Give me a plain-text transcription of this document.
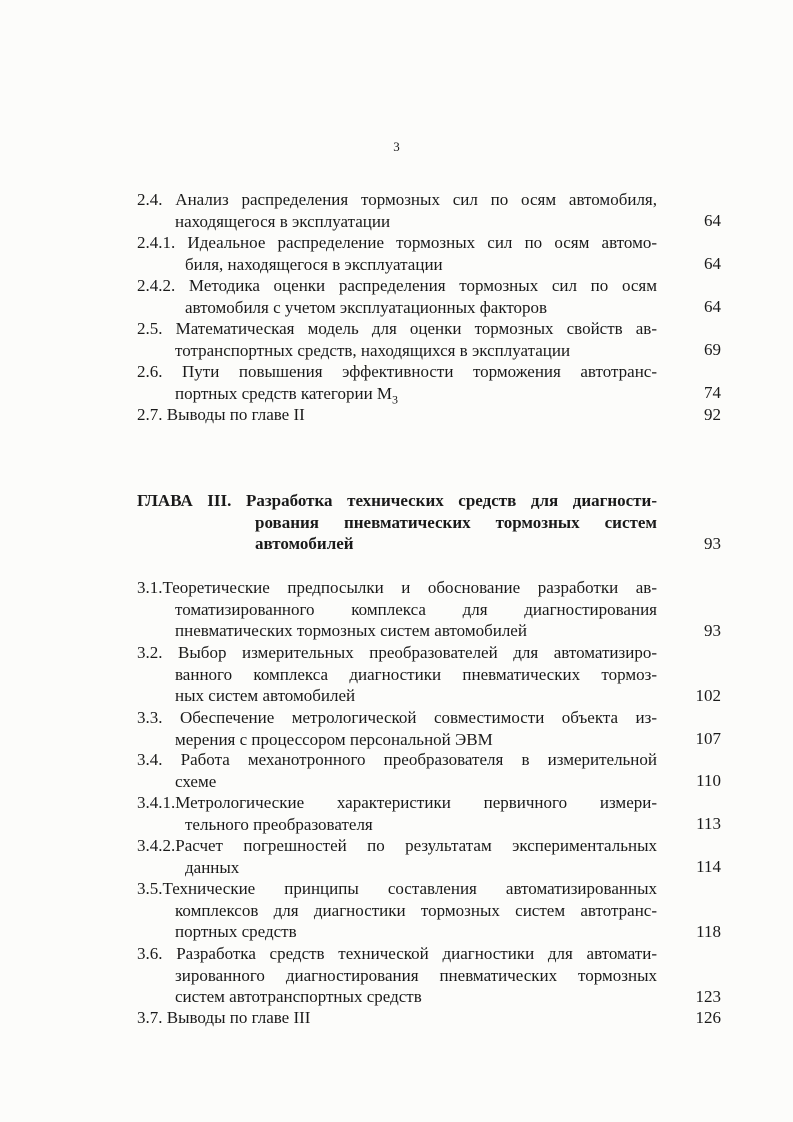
3
2.4. Анализ распределения тормозных сил по осям автомобиля,
находящегося в эксплуатации	64
2.4.1. Идеальное распределение тормозных сил по осям автомо-
биля, находящегося в эксплуатации	64
2.4.2. Методика оценки распределения тормозных сил по осям
автомобиля с учетом эксплуатационных факторов	64
2.5. Математическая модель для оценки тормозных свойств ав-
тотранспортных средств, находящихся в эксплуатации	69
2.6. Пути повышения эффективности торможения автотранс-
портных средств категории $М_3$	74
2.7. Выводы по главе II	92
ГЛАВА III. Разработка технических средств для диагности-
рования пневматических тормозных систем
автомобилей	93
3.1.Теоретические предпосылки и обоснование разработки ав-
томатизированного комплекса для диагностирования
пневматических тормозных систем автомобилей	93
3.2. Выбор измерительных преобразователей для автоматизиро-
ванного комплекса диагностики пневматических тормоз-
ных систем автомобилей	102
3.3. Обеспечение метрологической совместимости объекта из-
мерения с процессором персональной ЭВМ	107
3.4. Работа механотронного преобразователя в измерительной
схеме	110
3.4.1.Метрологические характеристики первичного измери-
тельного преобразователя	113
3.4.2.Расчет погрешностей по результатам экспериментальных
данных	114
3.5.Технические принципы составления автоматизированных
комплексов для диагностики тормозных систем автотранс-
портных средств	118
3.6. Разработка средств технической диагностики для автомати-
зированного диагностирования пневматических тормозных
систем автотранспортных средств	123
3.7. Выводы по главе III	126
